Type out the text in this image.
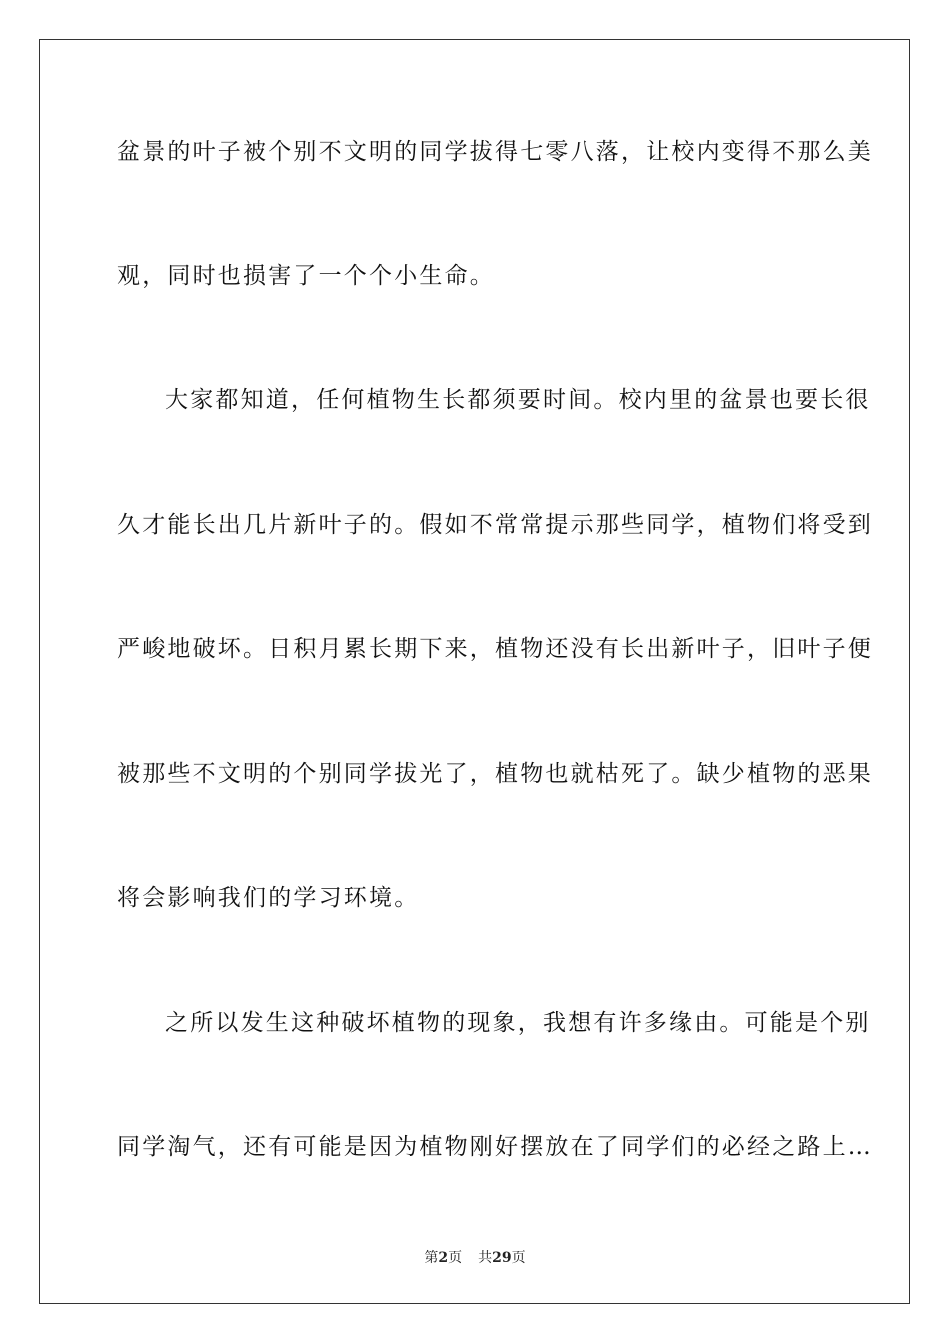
盆景的叶子被个别不文明的同学拔得七零八落，让校内变得不那么美
观，同时也损害了一个个小生命。
大家都知道，任何植物生长都须要时间。校内里的盆景也要长很
久才能长出几片新叶子的。假如不常常提示那些同学，植物们将受到
严峻地破坏。日积月累长期下来，植物还没有长出新叶子，旧叶子便
被那些不文明的个别同学拔光了，植物也就枯死了。缺少植物的恶果
将会影响我们的学习环境。
之所以发生这种破坏植物的现象，我想有许多缘由。可能是个别
同学淘气，还有可能是因为植物刚好摆放在了同学们的必经之路上…
第2页 共29页
